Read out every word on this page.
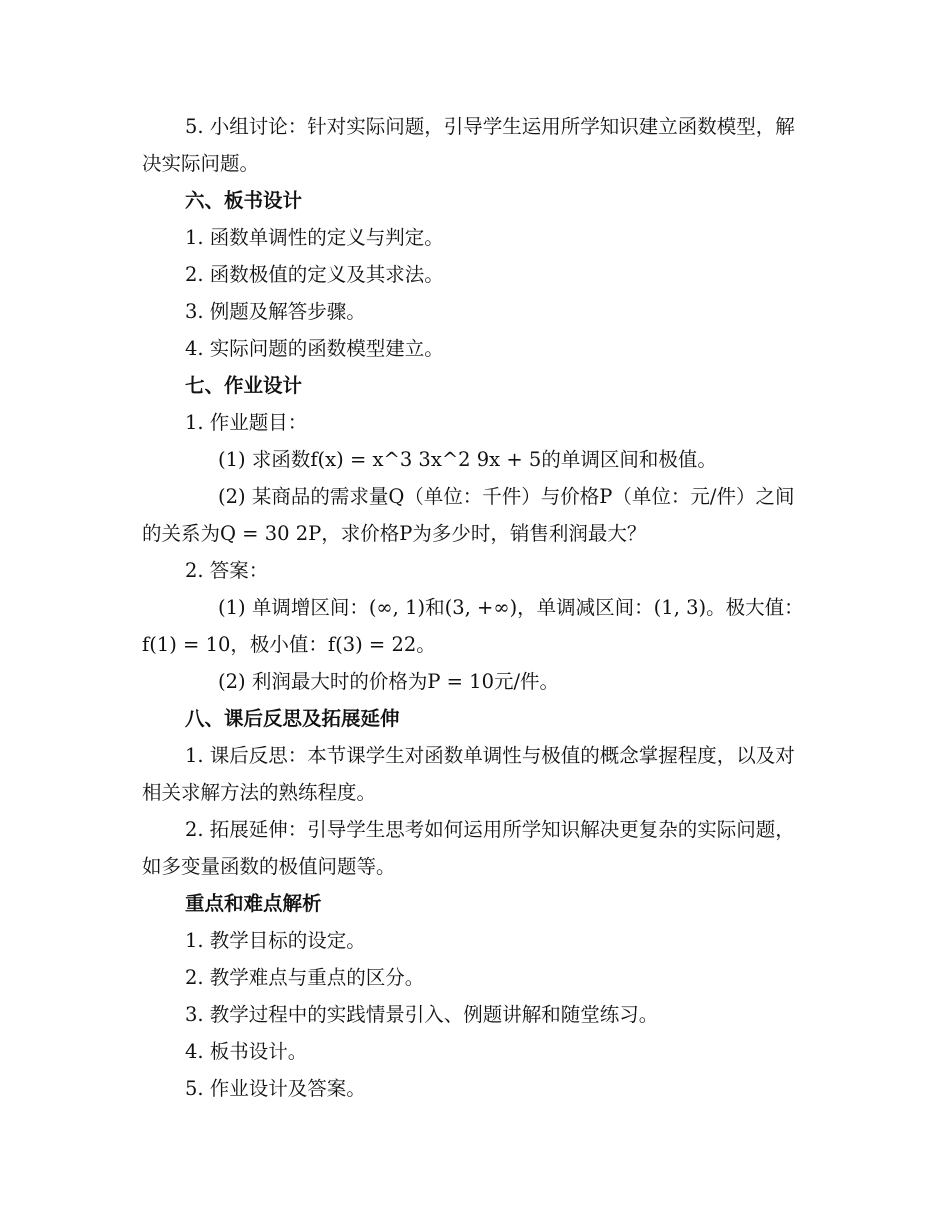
5. 小组讨论：针对实际问题，引导学生运用所学知识建立函数模型，解决实际问题。

六、板书设计

1. 函数单调性的定义与判定。

2. 函数极值的定义及其求法。

3. 例题及解答步骤。

4. 实际问题的函数模型建立。

七、作业设计

1. 作业题目：

(1) 求函数f(x) = x^3 3x^2 9x + 5的单调区间和极值。

(2) 某商品的需求量Q（单位：千件）与价格P（单位：元/件）之间的关系为Q = 30 2P，求价格P为多少时，销售利润最大？

2. 答案：

(1) 单调增区间：(∞, 1)和(3, +∞)，单调减区间：(1, 3)。极大值：f(1) = 10，极小值：f(3) = 22。

(2) 利润最大时的价格为P = 10元/件。

八、课后反思及拓展延伸

1. 课后反思：本节课学生对函数单调性与极值的概念掌握程度，以及对相关求解方法的熟练程度。

2. 拓展延伸：引导学生思考如何运用所学知识解决更复杂的实际问题，如多变量函数的极值问题等。

重点和难点解析

1. 教学目标的设定。

2. 教学难点与重点的区分。

3. 教学过程中的实践情景引入、例题讲解和随堂练习。

4. 板书设计。

5. 作业设计及答案。
